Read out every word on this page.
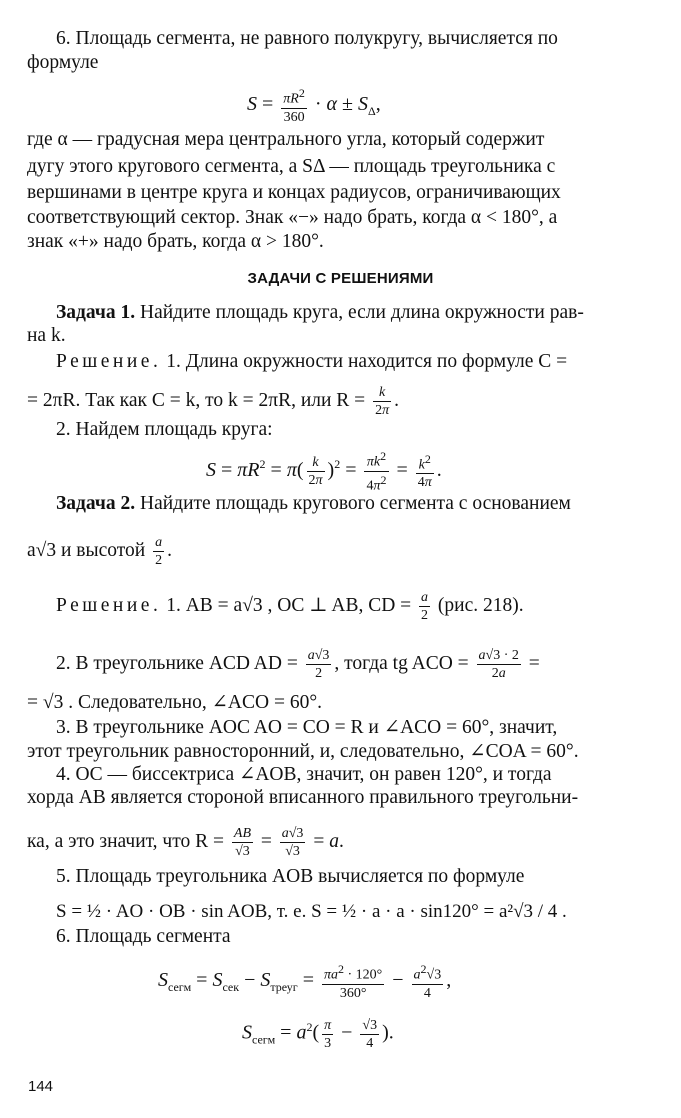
6. Площадь сегмента, не равного полукругу, вычисляется по
формуле
$S = \frac{\pi R^2}{360} \cdot \alpha \pm S_\Delta$,
где α — градусная мера центрального угла, который содержит
дугу этого кругового сегмента, а SΔ — площадь треугольника с
вершинами в центре круга и концах радиусов, ограничивающих
соответствующий сектор. Знак «−» надо брать, когда α < 180°, а
знак «+» надо брать, когда α > 180°.
ЗАДАЧИ С РЕШЕНИЯМИ
Задача 1. Найдите площадь круга, если длина окружности рав-
на k.
Решение. 1. Длина окружности находится по формуле C =
= 2πR. Так как C = k, то k = 2πR, или $R = \frac{k}{2\pi}$ .
2. Найдем площадь круга:
$S = \pi R^2 = \pi( \frac{k}{2\pi} )^2 = \frac{\pi k^2}{4\pi^2} = \frac{k^2}{4\pi}$ .
Задача 2. Найдите площадь кругового сегмента с основанием
a√3 и высотой $\frac{a}{2}$ .
Решение. 1. AB = a√3 , OC ⊥ AB, CD = $\frac{a}{2} (рис$. 218).
2. В треугольнике ACD AD = $\frac{a√3}{2}$ , тогда tg ACO = $\frac{a√3 \cdot 2}{2a}$ =
= √3 . Следовательно, ∠ACO = 60°.
3. В треугольнике AOC AO = CO = R и ∠ACO = 60°, значит,
этот треугольник равносторонний, и, следовательно, ∠COA = 60°.
4. OC — биссектриса ∠AOB, значит, он равен 120°, и тогда
хорда AB является стороной вписанного правильного треугольни-
ка, а это значит, что $R = \frac{AB}{√3} = \frac{a√3}{√3} = a$.
5. Площадь треугольника AOB вычисляется по формуле
S = ½ · AO · OB · sin AOB, т. е. S = ½ · a · a · sin120° = a²√3 / 4 .
6. Площадь сегмента
$S_{сегм} = S_{сек} - S_{треуг} = \frac{\pi a^2 \cdot 120^\circ}{360^\circ} - \frac{a^2√3}{4}$ ,
$S_{сегм} = a^2( \frac{\pi}{3} - \frac{√3}{4}$ ).
144
